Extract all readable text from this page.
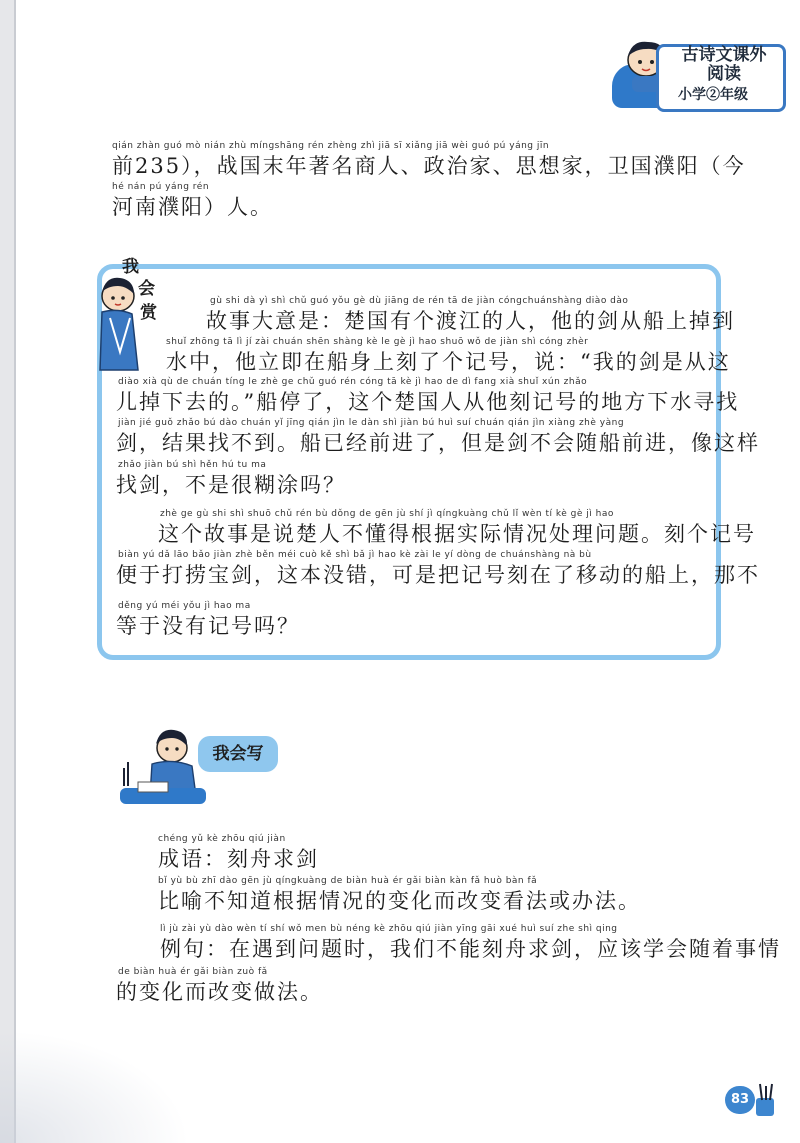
古诗文课外
阅读
小学②年级
qián zhàn guó mò nián zhù míngshāng rén zhèng zhì jiā sī xiǎng jiā wèi guó pú yáng jīn
前235），战国末年著名商人、政治家、思想家，卫国濮阳（今
hé nán pú yáng rén
河南濮阳）人。
我
会
赏
gù shi dà yì shì chǔ guó yǒu gè dù jiāng de rén tā de jiàn cóngchuánshàng diào dào
故事大意是：楚国有个渡江的人，他的剑从船上掉到
shuǐ zhōng tā lì jí zài chuán shēn shàng kè le gè jì hao shuō wǒ de jiàn shì cóng zhèr
水中，他立即在船身上刻了个记号，说：“我的剑是从这
diào xià qù de chuán tíng le zhè ge chǔ guó rén cóng tā kè jì hao de dì fang xià shuǐ xún zhǎo
儿掉下去的。”船停了，这个楚国人从他刻记号的地方下水寻找
jiàn jié guǒ zhǎo bú dào chuán yǐ jīng qián jìn le dàn shì jiàn bú huì suí chuán qián jìn xiàng zhè yàng
剑，结果找不到。船已经前进了，但是剑不会随船前进，像这样
zhǎo jiàn bú shì hěn hú tu ma
找剑，不是很糊涂吗？
zhè ge gù shi shì shuō chǔ rén bù dǒng de gēn jù shí jì qíngkuàng chǔ lǐ wèn tí kè gè jì hao
这个故事是说楚人不懂得根据实际情况处理问题。刻个记号
biàn yú dǎ lāo bǎo jiàn zhè běn méi cuò kě shì bǎ jì hao kè zài le yí dòng de chuánshàng nà bù
便于打捞宝剑，这本没错，可是把记号刻在了移动的船上，那不
děng yú méi yǒu jì hao ma
等于没有记号吗？
我会写
chéng yǔ kè zhōu qiú jiàn
成语：刻舟求剑
bǐ yù bù zhī dào gēn jù qíngkuàng de biàn huà ér gǎi biàn kàn fǎ huò bàn fǎ
比喻不知道根据情况的变化而改变看法或办法。
lì jù zài yù dào wèn tí shí wǒ men bù néng kè zhōu qiú jiàn yīng gāi xué huì suí zhe shì qing
例句：在遇到问题时，我们不能刻舟求剑，应该学会随着事情
de biàn huà ér gǎi biàn zuò fǎ
的变化而改变做法。
83
